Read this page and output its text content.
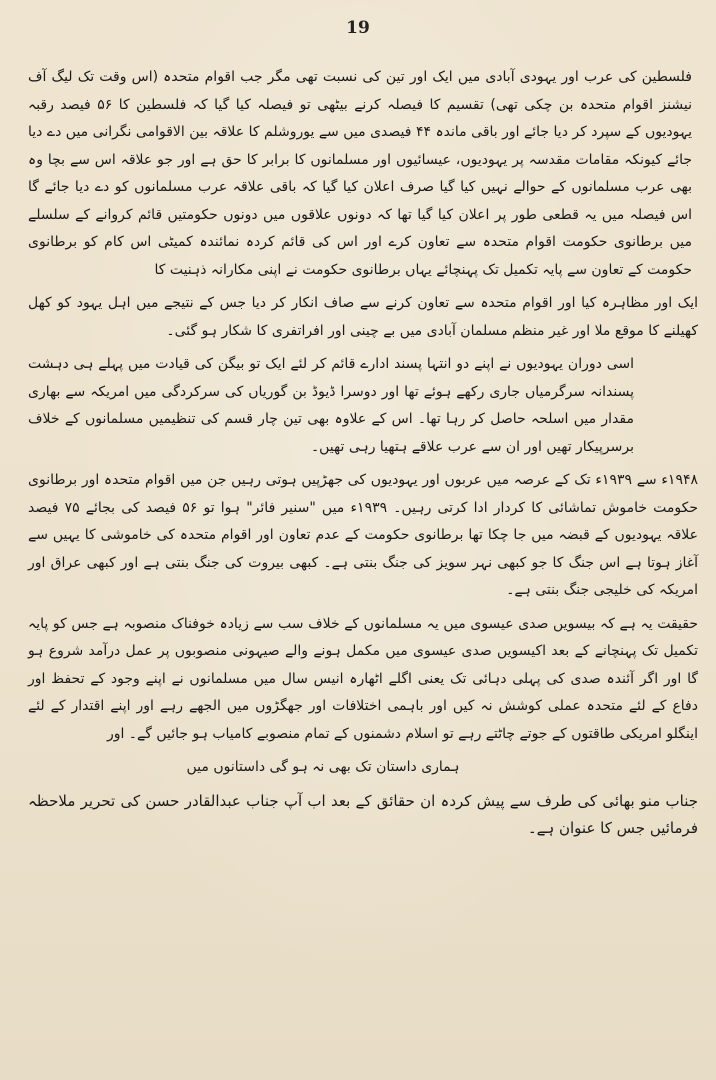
19

فلسطین کی عرب اور یہودی آبادی میں ایک اور تین کی نسبت تھی مگر جب اقوام متحدہ (اس وقت تک لیگ آف نیشنز اقوام متحدہ بن چکی تھی) تقسیم کا فیصلہ کرنے بیٹھی تو فیصلہ کیا گیا کہ فلسطین کا ۵۶ فیصد رقبہ یہودیوں کے سپرد کر دیا جائے اور باقی ماندہ ۴۴ فیصدی میں سے یوروشلم کا علاقہ بین الاقوامی نگرانی میں دے دیا جائے کیونکہ مقامات مقدسہ پر یہودیوں، عیسائیوں اور مسلمانوں کا برابر کا حق ہے اور جو علاقہ اس سے بچا وہ بھی عرب مسلمانوں کے حوالے نہیں کیا گیا صرف اعلان کیا گیا کہ باقی علاقہ عرب مسلمانوں کو دے دیا جائے گا اس فیصلہ میں یہ قطعی طور پر اعلان کیا گیا تھا کہ دونوں علاقوں میں دونوں حکومتیں قائم کروانے کے سلسلے میں برطانوی حکومت اقوام متحدہ سے تعاون کرے اور اس کی قائم کردہ نمائندہ کمیٹی اس کام کو برطانوی حکومت کے تعاون سے پایہ تکمیل تک پہنچائے یہاں برطانوی حکومت نے اپنی مکارانہ ذہنیت کا

ایک اور مظاہرہ کیا اور اقوام متحدہ سے تعاون کرنے سے صاف انکار کر دیا جس کے نتیجے میں اہل یہود کو کھل کھیلنے کا موقع ملا اور غیر منظم مسلمان آبادی میں بے چینی اور افراتفری کا شکار ہو گئی۔

اسی دوران یہودیوں نے اپنے دو انتہا پسند ادارے قائم کر لئے ایک تو بیگن کی قیادت میں پہلے ہی دہشت پسندانہ سرگرمیاں جاری رکھے ہوئے تھا اور دوسرا ڈیوڈ بن گوریاں کی سرکردگی میں امریکہ سے بھاری مقدار میں اسلحہ حاصل کر رہا تھا۔ اس کے علاوہ بھی تین چار قسم کی تنظیمیں مسلمانوں کے خلاف برسرپیکار تھیں اور ان سے عرب علاقے ہتھیا رہی تھیں۔

۱۹۴۸ء سے ۱۹۳۹ء تک کے عرصہ میں عربوں اور یہودیوں کی جھڑپیں ہوتی رہیں جن میں اقوام متحدہ اور برطانوی حکومت خاموش تماشائی کا کردار ادا کرتی رہیں۔ ۱۹۳۹ء میں "سنیر فائر" ہوا تو ۵۶ فیصد کی بجائے ۷۵ فیصد علاقہ یہودیوں کے قبضہ میں جا چکا تھا برطانوی حکومت کے عدم تعاون اور اقوام متحدہ کی خاموشی کا یہیں سے آغاز ہوتا ہے اس جنگ کا جو کبھی نہر سویز کی جنگ بنتی ہے۔ کبھی بیروت کی جنگ بنتی ہے اور کبھی عراق اور امریکہ کی خلیجی جنگ بنتی ہے۔

حقیقت یہ ہے کہ بیسویں صدی عیسوی میں یہ مسلمانوں کے خلاف سب سے زیادہ خوفناک منصوبہ ہے جس کو پایہ تکمیل تک پہنچانے کے بعد اکیسویں صدی عیسوی میں مکمل ہونے والے صیہونی منصوبوں پر عمل درآمد شروع ہو گا اور اگر آئندہ صدی کی پہلی دہائی تک یعنی اگلے اٹھارہ انیس سال میں مسلمانوں نے اپنے وجود کے تحفظ اور دفاع کے لئے متحدہ عملی کوشش نہ کیں اور باہمی اختلافات اور جھگڑوں میں الجھے رہے اور اپنے اقتدار کے لئے اینگلو امریکی طاقتوں کے جوتے چاٹتے رہے تو اسلام دشمنوں کے تمام منصوبے کامیاب ہو جائیں گے۔ اور

ہماری داستان تک بھی نہ ہو گی داستانوں میں

جناب منو بھائی کی طرف سے پیش کردہ ان حقائق کے بعد اب آپ جناب عبدالقادر حسن کی تحریر ملاحظہ فرمائیں جس کا عنوان ہے۔
